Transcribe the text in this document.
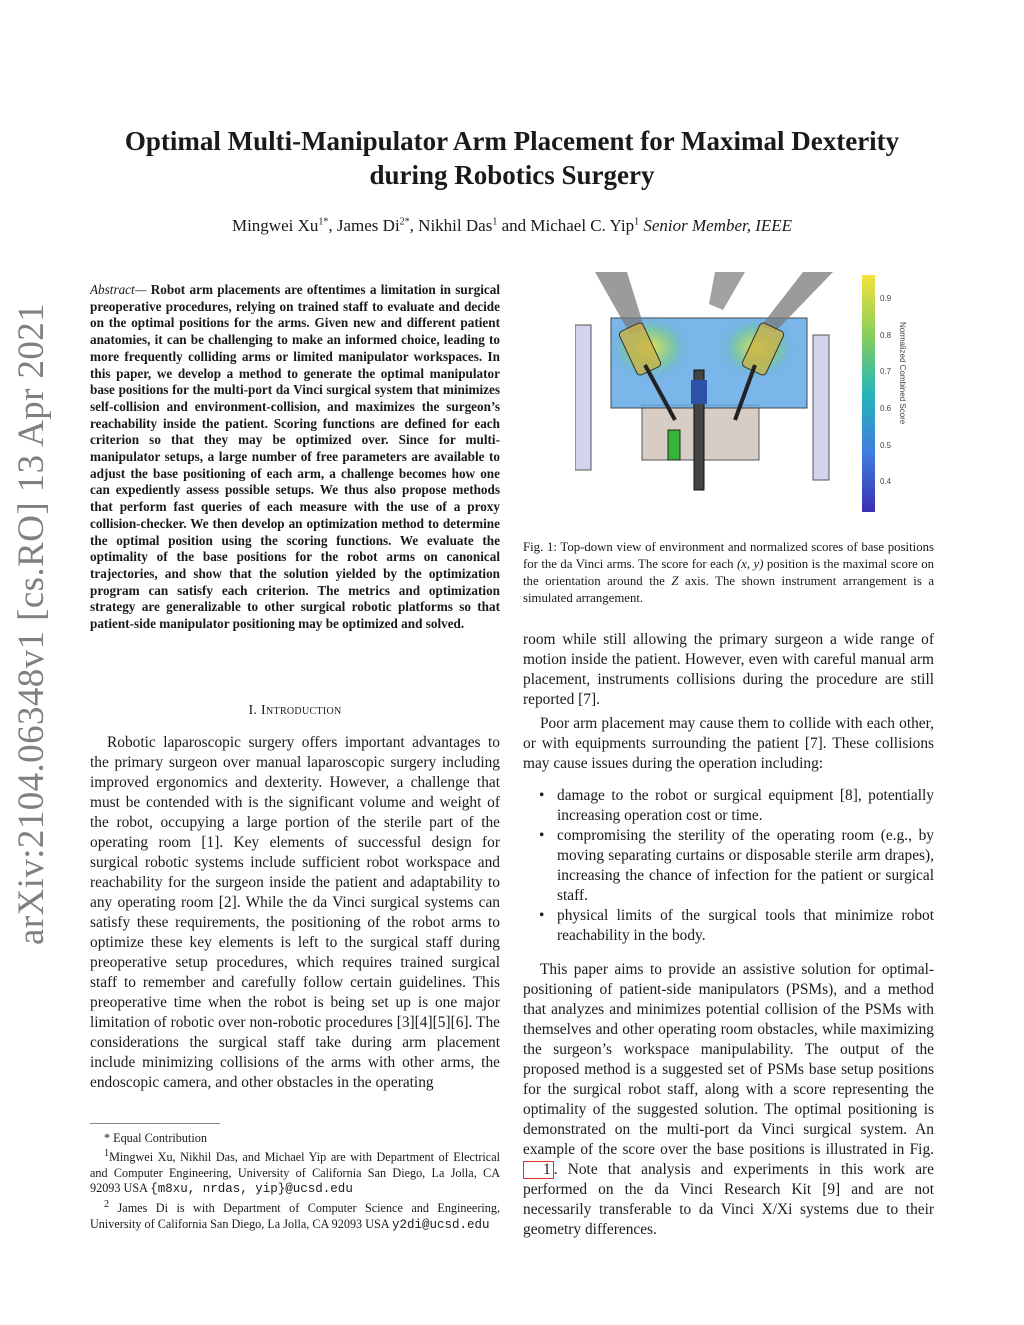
arXiv:2104.06348v1 [cs.RO] 13 Apr 2021
Optimal Multi-Manipulator Arm Placement for Maximal Dexterity during Robotics Surgery
Mingwei $Xu^{1*}$, James $Di^{2*}$, Nikhil Das$^1$ and Michael C. Yip$^1$ Senior Member, IEEE
Abstract— Robot arm placements are oftentimes a limitation in surgical preoperative procedures, relying on trained staff to evaluate and decide on the optimal positions for the arms. Given new and different patient anatomies, it can be challenging to make an informed choice, leading to more frequently colliding arms or limited manipulator workspaces. In this paper, we develop a method to generate the optimal manipulator base positions for the multi-port da Vinci surgical system that minimizes self-collision and environment-collision, and maximizes the surgeon’s reachability inside the patient. Scoring functions are defined for each criterion so that they may be optimized over. Since for multi-manipulator setups, a large number of free parameters are available to adjust the base positioning of each arm, a challenge becomes how one can expediently assess possible setups. We thus also propose methods that perform fast queries of each measure with the use of a proxy collision-checker. We then develop an optimization method to determine the optimal position using the scoring functions. We evaluate the optimality of the base positions for the robot arms on canonical trajectories, and show that the solution yielded by the optimization program can satisfy each criterion. The metrics and optimization strategy are generalizable to other surgical robotic platforms so that patient-side manipulator positioning may be optimized and solved.
I. Introduction

Robotic laparoscopic surgery offers important advantages to the primary surgeon over manual laparoscopic surgery including improved ergonomics and dexterity. However, a challenge that must be contended with is the significant volume and weight of the robot, occupying a large portion of the sterile part of the operating room [1]. Key elements of successful design for surgical robotic systems include sufficient robot workspace and reachability for the surgeon inside the patient and adaptability to any operating room [2]. While the da Vinci surgical systems can satisfy these requirements, the positioning of the robot arms to optimize these key elements is left to the surgical staff during preoperative setup procedures, which requires trained surgical staff to remember and carefully follow certain guidelines. This preoperative time when the robot is being set up is one major limitation of robotic over non-robotic procedures [3][4][5][6]. The considerations the surgical staff take during arm placement include minimizing collisions of the arms with other arms, the endoscopic camera, and other obstacles in the operating

* Equal Contribution

$^1$Mingwei Xu, Nikhil Das, and Michael Yip are with Department of Electrical and Computer Engineering, University of California San Diego, La Jolla, CA 92093 USA {m8xu, nrdas, yip}@ucsd.edu

$^2$ James Di is with Department of Computer Science and Engineering, University of California San Diego, La Jolla, CA 92093 USA y2di@ucsd.edu

0.9
0.8
0.7
0.6
0.5
0.4
Normalized Combined Score
Fig. 1: Top-down view of environment and normalized scores of base positions for the da Vinci arms. The score for each (x, y) position is the maximal score on the orientation around the Z axis. The shown instrument arrangement is a simulated arrangement.

room while still allowing the primary surgeon a wide range of motion inside the patient. However, even with careful manual arm placement, instruments collisions during the procedure are still reported [7].

Poor arm placement may cause them to collide with each other, or with equipments surrounding the patient [7]. These collisions may cause issues during the operation including:

• damage to the robot or surgical equipment [8], potentially increasing operation cost or time.
• compromising the sterility of the operating room (e.g., by moving separating curtains or disposable sterile arm drapes), increasing the chance of infection for the patient or surgical staff.
• physical limits of the surgical tools that minimize robot reachability in the body.

This paper aims to provide an assistive solution for optimal-positioning of patient-side manipulators (PSMs), and a method that analyzes and minimizes potential collision of the PSMs with themselves and other operating room obstacles, while maximizing the surgeon’s workspace manipulability. The output of the proposed method is a suggested set of PSMs base setup positions for the surgical robot staff, along with a score representing the optimality of the suggested solution. The optimal positioning is demonstrated on the multi-port da Vinci surgical system. An example of the score over the base positions is illustrated in Fig. 1 . Note that analysis and experiments in this work are performed on the da Vinci Research Kit [9] and are not necessarily transferable to da Vinci X/Xi systems due to their geometry differences.
